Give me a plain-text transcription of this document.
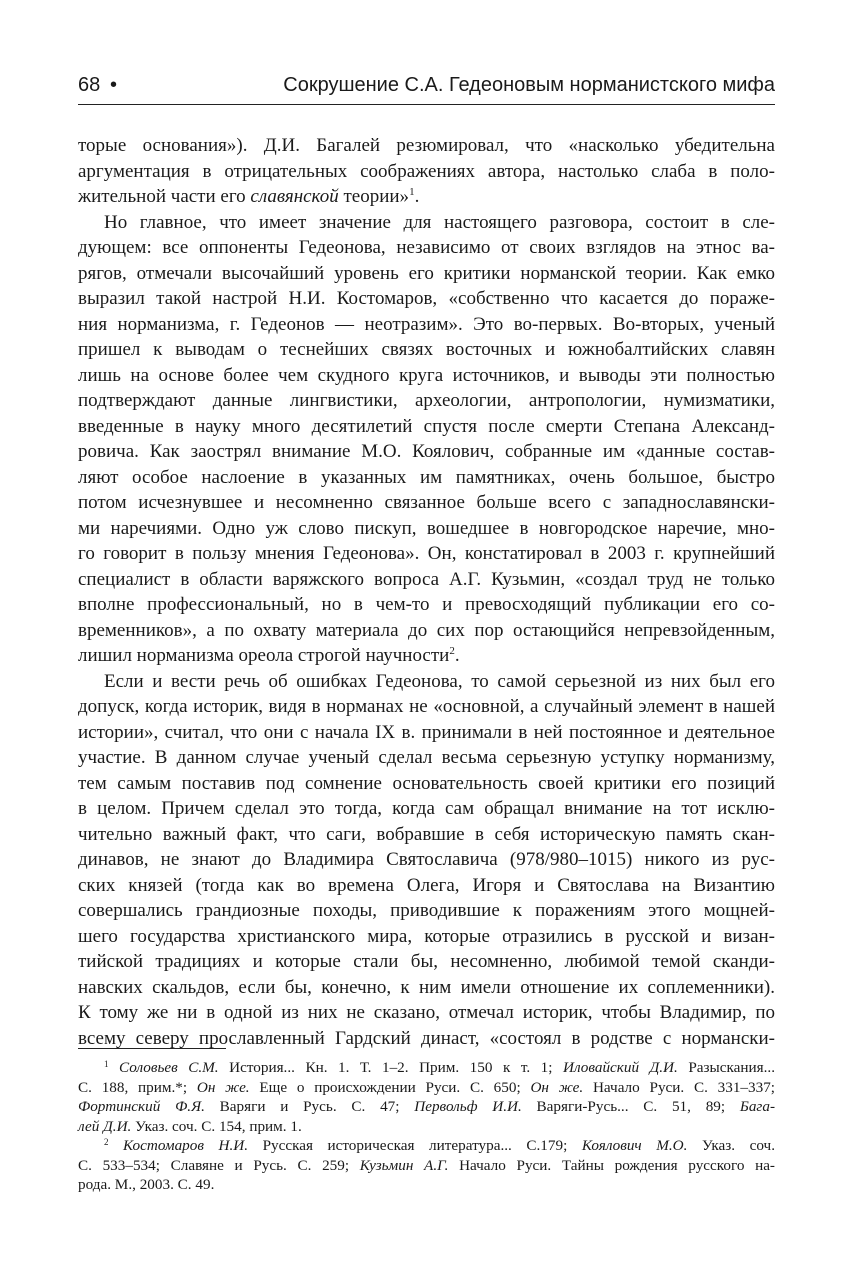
68 •	Сокрушение С.А. Гедеоновым норманистского мифа
торые основания»). Д.И. Багалей резюмировал, что «насколько убедительна
аргументация в отрицательных соображениях автора, настолько слаба в поло-
жительной части его славянской теории»$^1$.
Но главное, что имеет значение для настоящего разговора, состоит в сле-
дующем: все оппоненты Гедеонова, независимо от своих взглядов на этнос ва-
рягов, отмечали высочайший уровень его критики норманской теории. Как емко
выразил такой настрой Н.И. Костомаров, «собственно что касается до пораже-
ния норманизма, г. Гедеонов — неотразим». Это во-первых. Во-вторых, ученый
пришел к выводам о теснейших связях восточных и южнобалтийских славян
лишь на основе более чем скудного круга источников, и выводы эти полностью
подтверждают данные лингвистики, археологии, антропологии, нумизматики,
введенные в науку много десятилетий спустя после смерти Степана Александ-
ровича. Как заострял внимание М.О. Коялович, собранные им «данные состав-
ляют особое наслоение в указанных им памятниках, очень большое, быстро
потом исчезнувшее и несомненно связанное больше всего с западнославянски-
ми наречиями. Одно уж слово пискуп, вошедшее в новгородское наречие, мно-
го говорит в пользу мнения Гедеонова». Он, констатировал в 2003 г. крупнейший
специалист в области варяжского вопроса А.Г. Кузьмин, «создал труд не только
вполне профессиональный, но в чем-то и превосходящий публикации его со-
временников», а по охвату материала до сих пор остающийся непревзойденным,
лишил норманизма ореола строгой научности$^2$.
Если и вести речь об ошибках Гедеонова, то самой серьезной из них был его
допуск, когда историк, видя в норманах не «основной, а случайный элемент в нашей
истории», считал, что они с начала IX в. принимали в ней постоянное и деятельное
участие. В данном случае ученый сделал весьма серьезную уступку норманизму,
тем самым поставив под сомнение основательность своей критики его позиций
в целом. Причем сделал это тогда, когда сам обращал внимание на тот исклю-
чительно важный факт, что саги, вобравшие в себя историческую память скан-
динавов, не знают до Владимира Святославича (978/980–1015) никого из рус-
ских князей (тогда как во времена Олега, Игоря и Святослава на Византию
совершались грандиозные походы, приводившие к поражениям этого мощней-
шего государства христианского мира, которые отразились в русской и визан-
тийской традициях и которые стали бы, несомненно, любимой темой сканди-
навских скальдов, если бы, конечно, к ним имели отношение их соплеменники).
К тому же ни в одной из них не сказано, отмечал историк, чтобы Владимир, по
всему северу прославленный Гардский династ, «состоял в родстве с нормански-
$^1$ Соловьев С.М. История... Кн. 1. Т. 1–2. Прим. 150 к т. 1; Иловайский Д.И. Разыскания...
С. 188, прим.*; Он же. Еще о происхождении Руси. С. 650; Он же. Начало Руси. С. 331–337;
Фортинский Ф.Я. Варяги и Русь. С. 47; Первольф И.И. Варяги-Русь... С. 51, 89; Бага-
лей Д.И. Указ. соч. С. 154, прим. 1.
$^2$ Костомаров Н.И. Русская историческая литература... С.179; Коялович М.О. Указ. соч.
С. 533–534; Славяне и Русь. С. 259; Кузьмин А.Г. Начало Руси. Тайны рождения русского на-
рода. М., 2003. С. 49.
